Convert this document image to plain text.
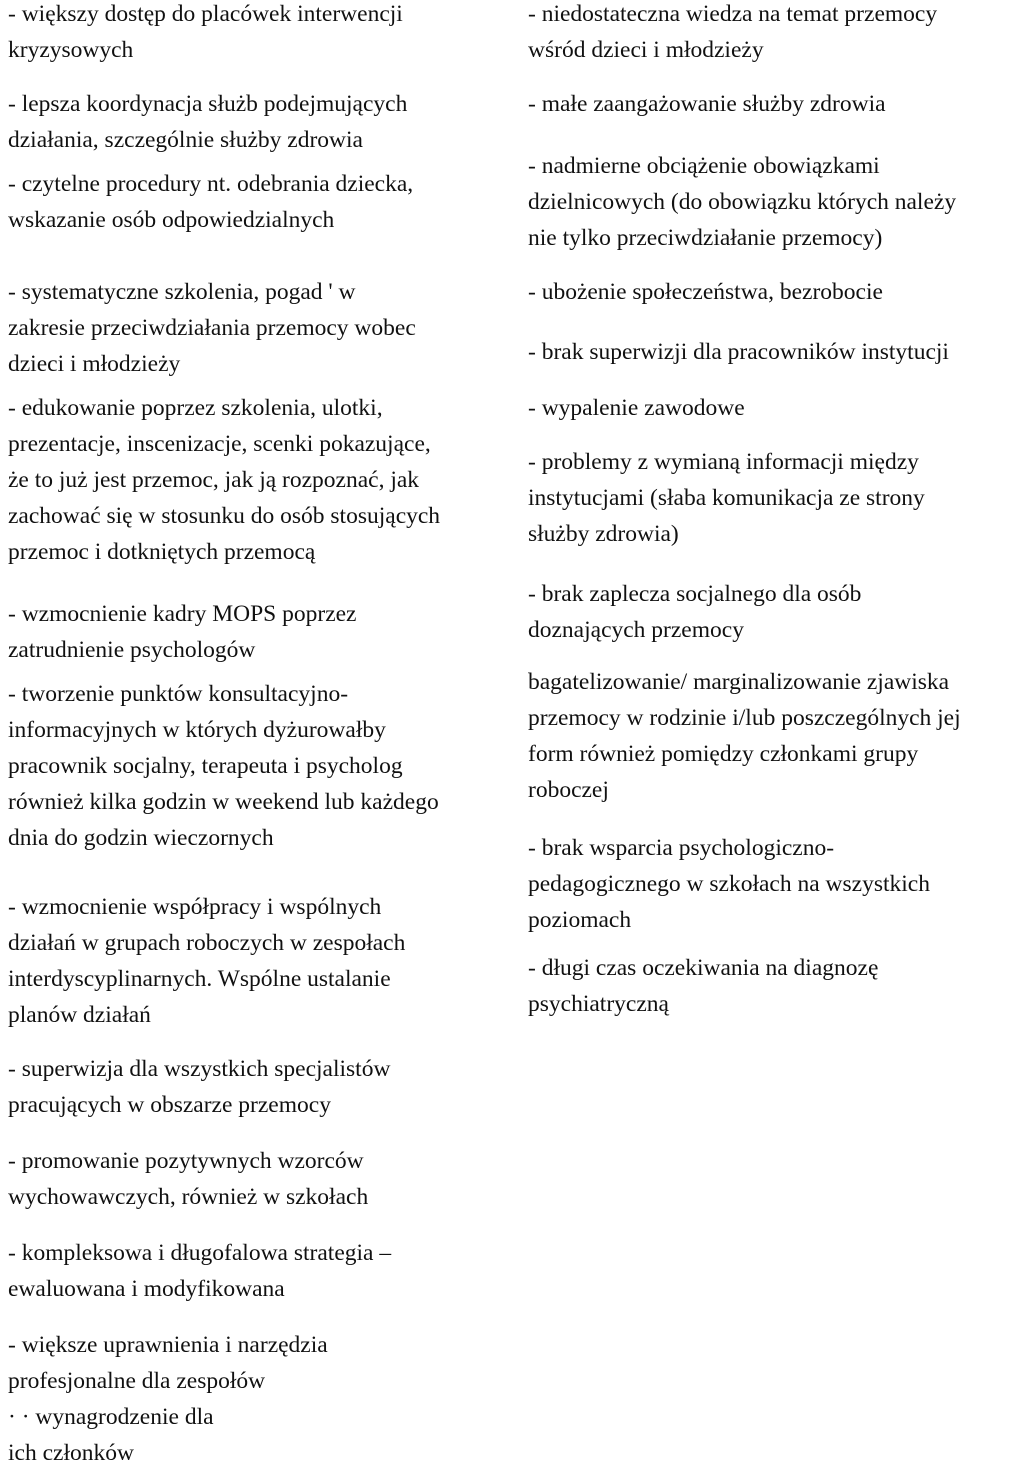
- większy dostęp do placówek interwencji
kryzysowych
- lepsza koordynacja służb podejmujących
działania, szczególnie służby zdrowia
- czytelne procedury nt. odebrania dziecka,
wskazanie osób odpowiedzialnych
- systematyczne szkolenia, pogad ' w
zakresie przeciwdziałania przemocy wobec
dzieci i młodzieży
- edukowanie poprzez szkolenia, ulotki,
prezentacje, inscenizacje, scenki pokazujące,
że to już jest przemoc, jak ją rozpoznać, jak
zachować się w stosunku do osób stosujących
przemoc i dotkniętych przemocą
- wzmocnienie kadry MOPS poprzez
zatrudnienie psychologów
- tworzenie punktów konsultacyjno-
informacyjnych w których dyżurowałby
pracownik socjalny, terapeuta i psycholog
również kilka godzin w weekend lub każdego
dnia do godzin wieczornych
- wzmocnienie współpracy i wspólnych
działań w grupach roboczych w zespołach
interdyscyplinarnych. Wspólne ustalanie
planów działań
- superwizja dla wszystkich specjalistów
pracujących w obszarze przemocy
- promowanie pozytywnych wzorców
wychowawczych, również w szkołach
- kompleksowa i długofalowa strategia –
ewaluowana i modyfikowana
- większe uprawnienia i narzędzia
profesjonalne dla zespołów
· · wynagrodzenie dla
ich członków
- niedostateczna wiedza na temat przemocy
wśród dzieci i młodzieży
- małe zaangażowanie służby zdrowia
- nadmierne obciążenie obowiązkami
dzielnicowych (do obowiązku których należy
nie tylko przeciwdziałanie przemocy)
- ubożenie społeczeństwa, bezrobocie
- brak superwizji dla pracowników instytucji
- wypalenie zawodowe
- problemy z wymianą informacji między
instytucjami (słaba komunikacja ze strony
służby zdrowia)
- brak zaplecza socjalnego dla osób
doznających przemocy
bagatelizowanie/ marginalizowanie zjawiska
przemocy w rodzinie i/lub poszczególnych jej
form również pomiędzy członkami grupy
roboczej
- brak wsparcia psychologiczno-
pedagogicznego w szkołach na wszystkich
poziomach
- długi czas oczekiwania na diagnozę
psychiatryczną
